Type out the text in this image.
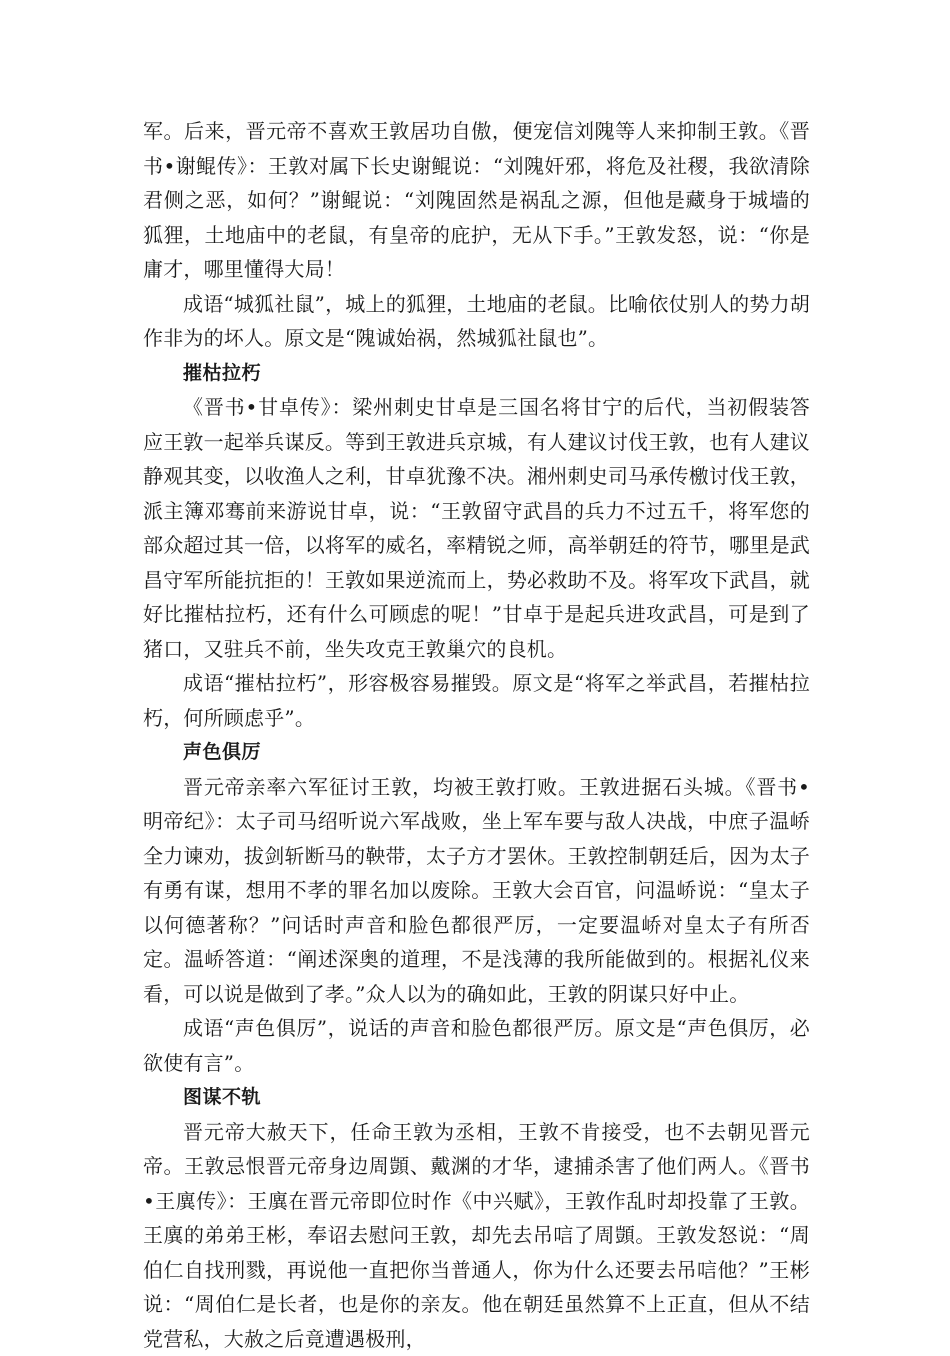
军。后来，晋元帝不喜欢王敦居功自傲，便宠信刘隗等人来抑制王敦。《晋书•谢鲲传》：王敦对属下长史谢鲲说：“刘隗奸邪，将危及社稷，我欲清除君侧之恶，如何？”谢鲲说：“刘隗固然是祸乱之源，但他是藏身于城墙的狐狸，土地庙中的老鼠，有皇帝的庇护，无从下手。”王敦发怒，说：“你是庸才，哪里懂得大局！

成语“城狐社鼠”，城上的狐狸，土地庙的老鼠。比喻依仗别人的势力胡作非为的坏人。原文是“隗诚始祸，然城狐社鼠也”。

摧枯拉朽

《晋书•甘卓传》：梁州刺史甘卓是三国名将甘宁的后代，当初假装答应王敦一起举兵谋反。等到王敦进兵京城，有人建议讨伐王敦，也有人建议静观其变，以收渔人之利，甘卓犹豫不决。湘州刺史司马承传檄讨伐王敦，派主簿邓骞前来游说甘卓，说：“王敦留守武昌的兵力不过五千，将军您的部众超过其一倍，以将军的威名，率精锐之师，高举朝廷的符节，哪里是武昌守军所能抗拒的！王敦如果逆流而上，势必救助不及。将军攻下武昌，就好比摧枯拉朽，还有什么可顾虑的呢！”甘卓于是起兵进攻武昌，可是到了猪口，又驻兵不前，坐失攻克王敦巢穴的良机。

成语“摧枯拉朽”，形容极容易摧毁。原文是“将军之举武昌，若摧枯拉朽，何所顾虑乎”。

声色俱厉

晋元帝亲率六军征讨王敦，均被王敦打败。王敦进据石头城。《晋书•明帝纪》：太子司马绍听说六军战败，坐上军车要与敌人决战，中庶子温峤全力谏劝，拔剑斩断马的鞅带，太子方才罢休。王敦控制朝廷后，因为太子有勇有谋，想用不孝的罪名加以废除。王敦大会百官，问温峤说：“皇太子以何德著称？”问话时声音和脸色都很严厉，一定要温峤对皇太子有所否定。温峤答道：“阐述深奥的道理，不是浅薄的我所能做到的。根据礼仪来看，可以说是做到了孝。”众人以为的确如此，王敦的阴谋只好中止。

成语“声色俱厉”，说话的声音和脸色都很严厉。原文是“声色俱厉，必欲使有言”。

图谋不轨

晋元帝大赦天下，任命王敦为丞相，王敦不肯接受，也不去朝见晋元帝。王敦忌恨晋元帝身边周顗、戴渊的才华，逮捕杀害了他们两人。《晋书•王廙传》：王廙在晋元帝即位时作《中兴赋》，王敦作乱时却投靠了王敦。王廙的弟弟王彬，奉诏去慰问王敦，却先去吊唁了周顗。王敦发怒说：“周伯仁自找刑戮，再说他一直把你当普通人，你为什么还要去吊唁他？”王彬说：“周伯仁是长者，也是你的亲友。他在朝廷虽然算不上正直，但从不结党营私，大赦之后竟遭遇极刑，
